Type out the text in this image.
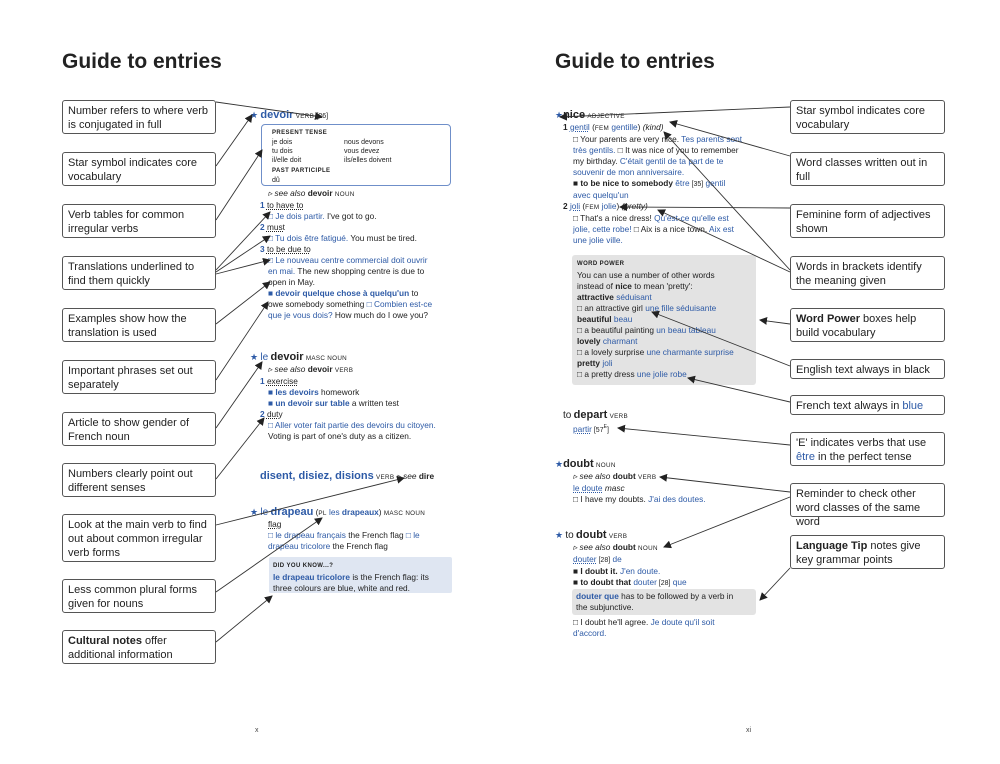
Guide to entries
Number refers to where verb is conjugated in full
Star symbol indicates core vocabulary
Verb tables for common irregular verbs
Translations underlined to find them quickly
Examples show how the translation is used
Important phrases set out separately
Article to show gender of French noun
Numbers clearly point out different senses
Look at the main verb to find out about common irregular verb forms
Less common plural forms given for nouns
Cultural notes offer additional information
★ devoir VERB [26]
PRESENT TENSE
je dois
tu dois
il/elle doit
nous devons
vous devez
ils/elles doivent
PAST PARTICIPLE
dû
▹ see also devoir NOUN
1 to have to
□ Je dois partir. I've got to go.
2 must
□ Tu dois être fatigué. You must be tired.
3 to be due to
□ Le nouveau centre commercial doit ouvrir
en mai. The new shopping centre is due to
open in May.
■ devoir quelque chose à quelqu'un to
owe somebody something □ Combien est-ce
que je vous dois? How much do I owe you?
★ le devoir MASC NOUN
▹ see also devoir VERB
1 exercise
■ les devoirs homework
■ un devoir sur table a written test
2 duty
□ Aller voter fait partie des devoirs du citoyen.
Voting is part of one's duty as a citizen.
disent, disiez, disions VERB ▹ see dire
★ le drapeau (PL les drapeaux) MASC NOUN
flag
□ le drapeau français the French flag □ le
drapeau tricolore the French flag
DID YOU KNOW...?
le drapeau tricolore is the French flag: its
three colours are blue, white and red.
x
Guide to entries
Star symbol indicates core vocabulary
Word classes written out in full
Feminine form of adjectives shown
Words in brackets identify the meaning given
Word Power boxes help build vocabulary
English text always in black
French text always in blue
'E' indicates verbs that use être in the perfect tense
Reminder to check other word classes of the same word
Language Tip notes give key grammar points
★nice ADJECTIVE
1 gentil (FEM gentille) (kind)
□ Your parents are very nice. Tes parents sont
très gentils. □ It was nice of you to remember
my birthday. C'était gentil de ta part de te
souvenir de mon anniversaire.
■ to be nice to somebody être [35] gentil
avec quelqu'un
2 joli (FEM jolie) (pretty)
□ That's a nice dress! Qu'est-ce qu'elle est
jolie, cette robe! □ Aix is a nice town. Aix est
une jolie ville.
WORD POWER
You can use a number of other words
instead of nice to mean 'pretty':
attractive séduisant
□ an attractive girl une fille séduisante
beautiful beau
□ a beautiful painting un beau tableau
lovely charmant
□ a lovely surprise une charmante surprise
pretty joli
□ a pretty dress une jolie robe
to depart VERB
partir $[57^E]$
★doubt NOUN
▹ see also doubt VERB
le doute masc
□ I have my doubts. J'ai des doutes.
★ to doubt VERB
▹ see also doubt NOUN
douter [28] de
■ I doubt it. J'en doute.
■ to doubt that douter [28] que
douter que has to be followed by a verb in
the subjunctive.
□ I doubt he'll agree. Je doute qu'il soit
d'accord.
xi
